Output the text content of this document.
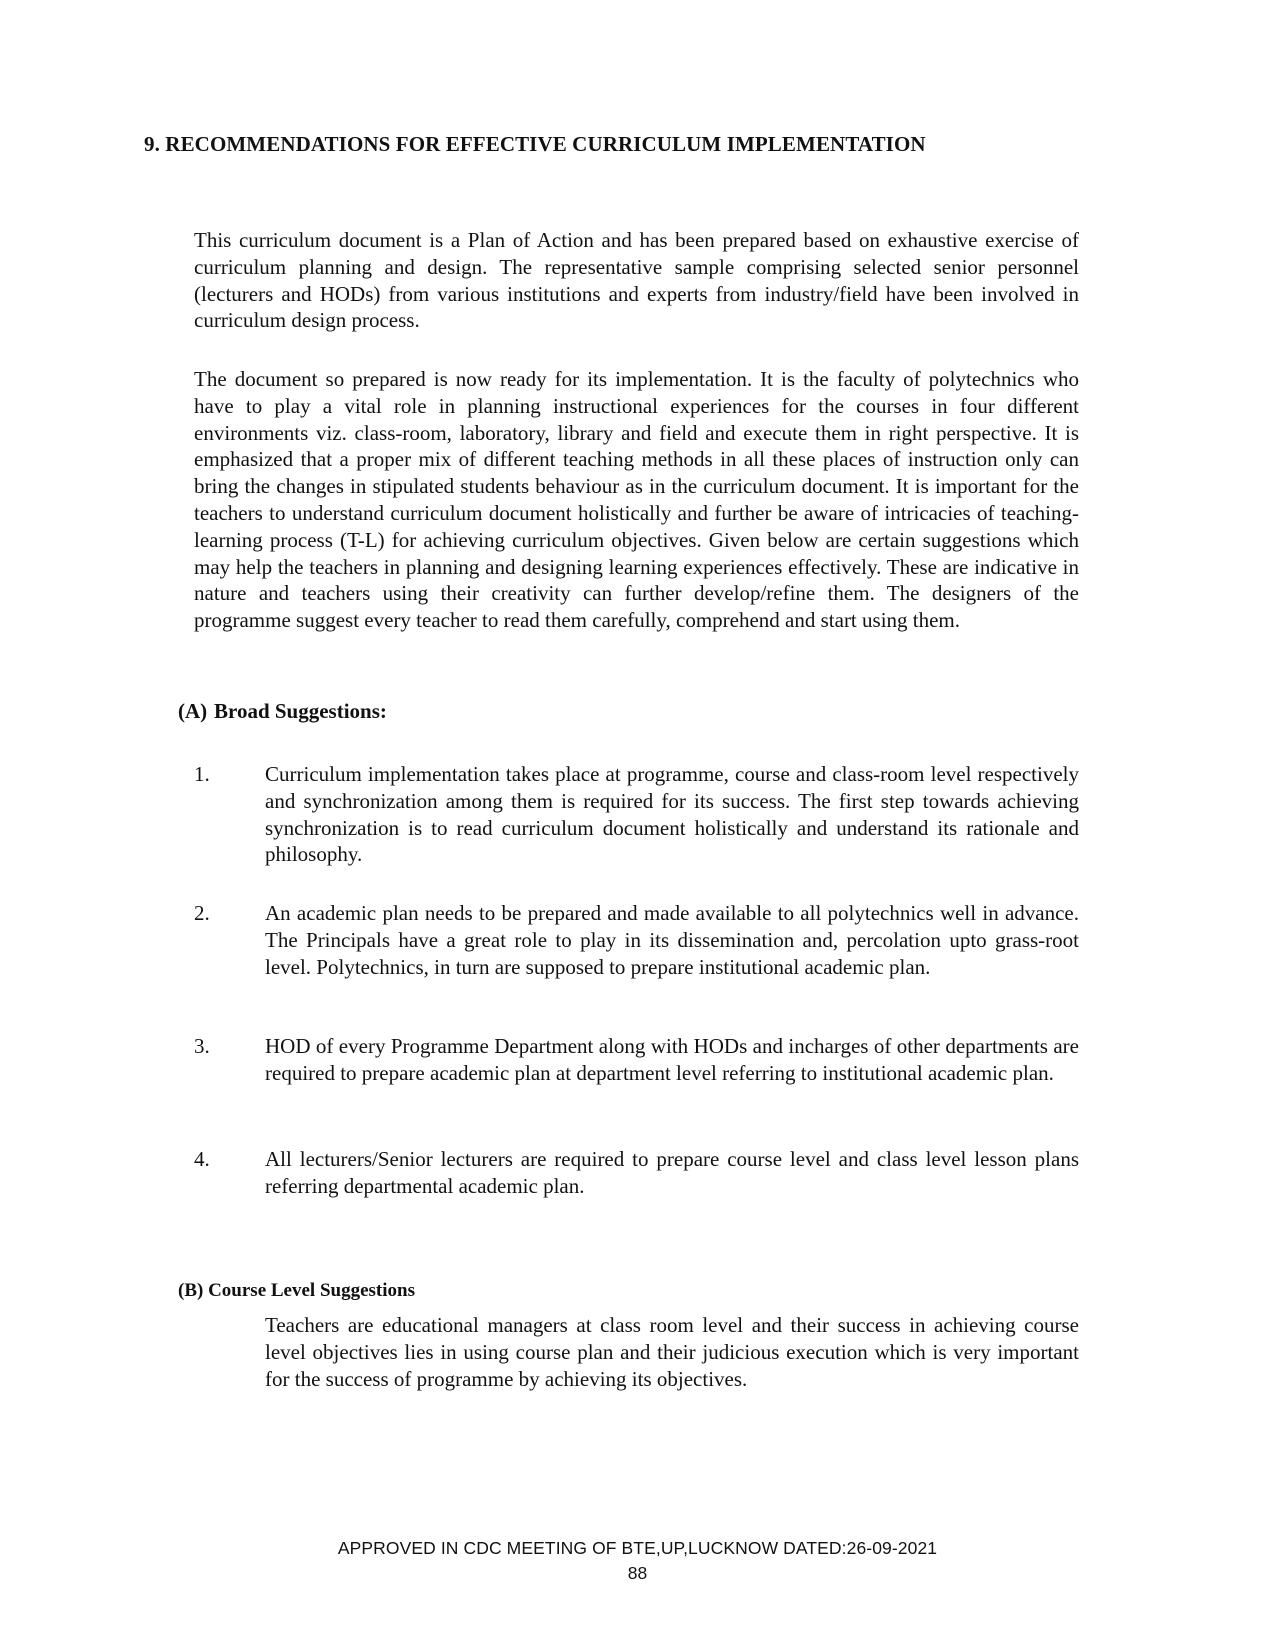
9. RECOMMENDATIONS FOR EFFECTIVE CURRICULUM IMPLEMENTATION

This curriculum document is a Plan of Action and has been prepared based on exhaustive exercise of curriculum planning and design. The representative sample comprising selected senior personnel (lecturers and HODs) from various institutions and experts from industry/field have been involved in curriculum design process.

The document so prepared is now ready for its implementation. It is the faculty of polytechnics who have to play a vital role in planning instructional experiences for the courses in four different environments viz. class-room, laboratory, library and field and execute them in right perspective. It is emphasized that a proper mix of different teaching methods in all these places of instruction only can bring the changes in stipulated students behaviour as in the curriculum document. It is important for the teachers to understand curriculum document holistically and further be aware of intricacies of teaching-learning process (T-L) for achieving curriculum objectives. Given below are certain suggestions which may help the teachers in planning and designing learning experiences effectively. These are indicative in nature and teachers using their creativity can further develop/refine them. The designers of the programme suggest every teacher to read them carefully, comprehend and start using them.

(A) Broad Suggestions:
1.	Curriculum implementation takes place at programme, course and class-room level respectively and synchronization among them is required for its success. The first step towards achieving synchronization is to read curriculum document holistically and understand its rationale and philosophy.

2.	An academic plan needs to be prepared and made available to all polytechnics well in advance. The Principals have a great role to play in its dissemination and, percolation upto grass-root level. Polytechnics, in turn are supposed to prepare institutional academic plan.

3.	HOD of every Programme Department along with HODs and incharges of other departments are required to prepare academic plan at department level referring to institutional academic plan.

4.	All lecturers/Senior lecturers are required to prepare course level and class level lesson plans referring departmental academic plan.

(B) Course Level Suggestions

Teachers are educational managers at class room level and their success in achieving course level objectives lies in using course plan and their judicious execution which is very important for the success of programme by achieving its objectives.

APPROVED IN CDC MEETING OF BTE,UP,LUCKNOW DATED:26-09-2021

88
